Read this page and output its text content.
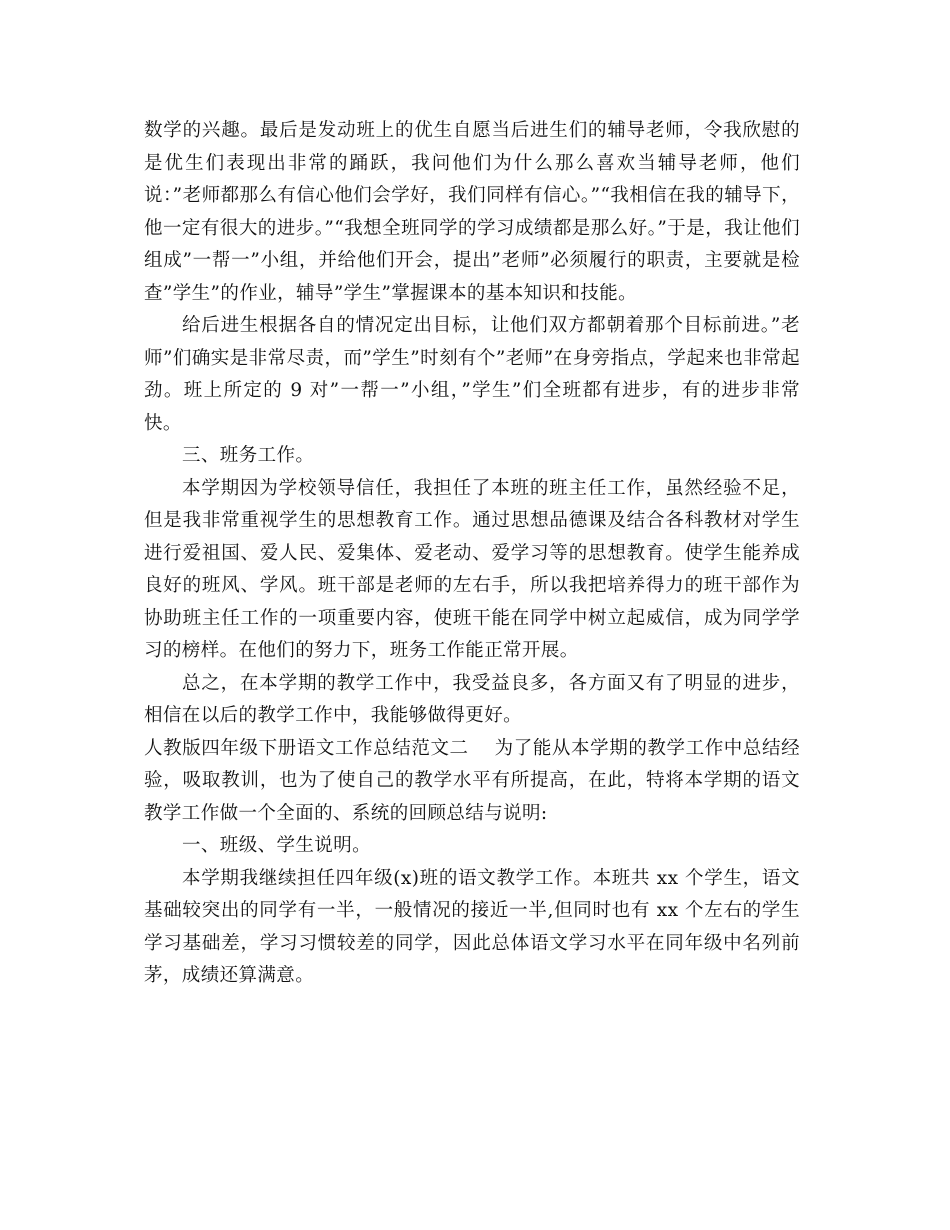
数学的兴趣。最后是发动班上的优生自愿当后进生们的辅导老师，令我欣慰的是优生们表现出非常的踊跃，我问他们为什么那么喜欢当辅导老师，他们说：”老师都那么有信心他们会学好，我们同样有信心。”“我相信在我的辅导下，他一定有很大的进步。”“我想全班同学的学习成绩都是那么好。”于是，我让他们组成”一帮一”小组，并给他们开会，提出”老师”必须履行的职责，主要就是检查”学生”的作业，辅导”学生”掌握课本的基本知识和技能。

给后进生根据各自的情况定出目标，让他们双方都朝着那个目标前进。”老师”们确实是非常尽责，而”学生”时刻有个”老师”在身旁指点，学起来也非常起劲。班上所定的 9 对”一帮一”小组，”学生”们全班都有进步，有的进步非常快。

三、班务工作。

本学期因为学校领导信任，我担任了本班的班主任工作，虽然经验不足，但是我非常重视学生的思想教育工作。通过思想品德课及结合各科教材对学生进行爱祖国、爱人民、爱集体、爱老动、爱学习等的思想教育。使学生能养成良好的班风、学风。班干部是老师的左右手，所以我把培养得力的班干部作为协助班主任工作的一项重要内容，使班干能在同学中树立起威信，成为同学学习的榜样。在他们的努力下，班务工作能正常开展。

总之，在本学期的教学工作中，我受益良多，各方面又有了明显的进步，相信在以后的教学工作中，我能够做得更好。

人教版四年级下册语文工作总结范文二 为了能从本学期的教学工作中总结经验，吸取教训，也为了使自己的教学水平有所提高，在此，特将本学期的语文教学工作做一个全面的、系统的回顾总结与说明:

一、班级、学生说明。

本学期我继续担任四年级(x)班的语文教学工作。本班共 xx 个学生，语文基础较突出的同学有一半，一般情况的接近一半,但同时也有 xx 个左右的学生学习基础差，学习习惯较差的同学，因此总体语文学习水平在同年级中名列前茅，成绩还算满意。
